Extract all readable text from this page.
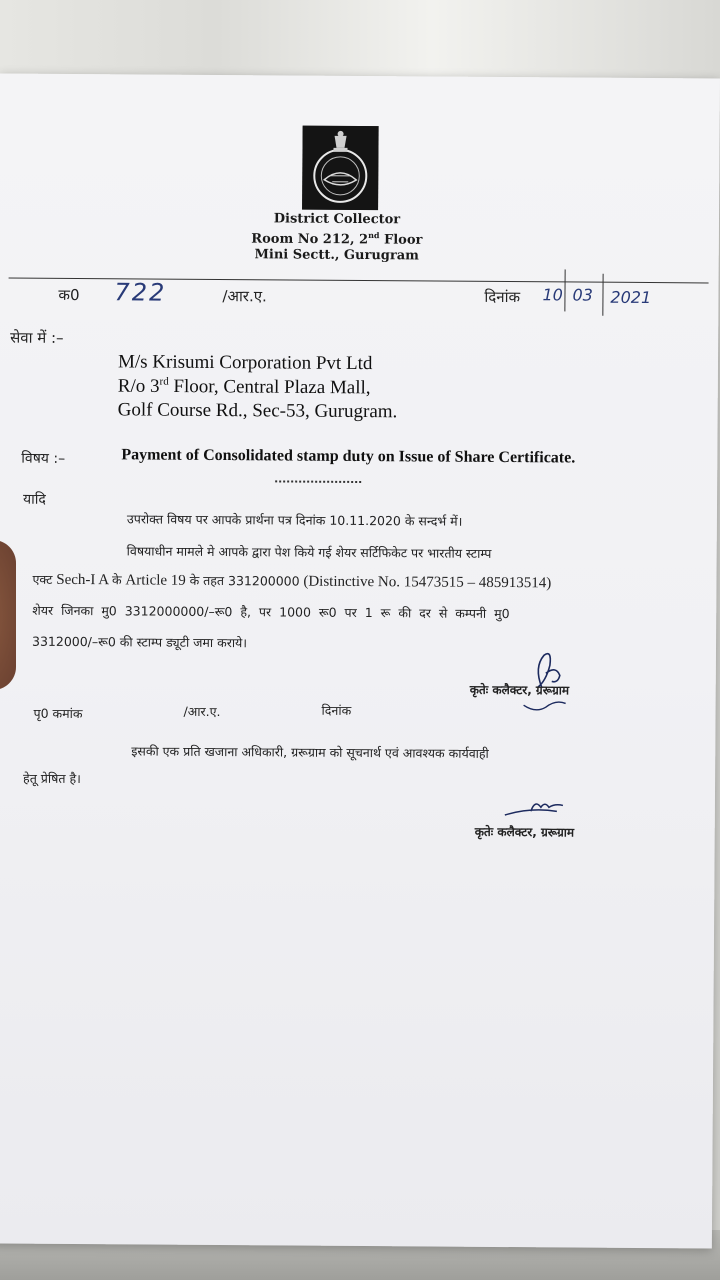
District Collector
Room No 212, 2nd Floor
Mini Sectt., Gurugram
क0 722	/आर.ए.	दिनांक 10 03 2021
सेवा में :–
M/s Krisumi Corporation Pvt Ltd
R/o 3rd Floor, Central Plaza Mall,
Golf Course Rd., Sec-53, Gurugram.
विषय :–	Payment of Consolidated stamp duty on Issue of Share Certificate.
यादि
उपरोक्त विषय पर आपके प्रार्थना पत्र दिनांक 10.11.2020 के सन्दर्भ में।
विषयाधीन मामले मे आपके द्वारा पेश किये गई शेयर सर्टिफिकेट पर भारतीय स्टाम्प
एक्ट Sech-I A के Article 19 के तहत 331200000 (Distinctive No. 15473515 – 485913514)
शेयर जिनका मु0 3312000000/–रू0 है, पर 1000 रू0 पर 1 रू की दर से कम्पनी मु0
3312000/–रू0 की स्टाम्प ड्यूटी जमा कराये।
कृतेः कलैक्टर, ग्ररूग्राम
पृ0 कमांक	/आर.ए.	दिनांक
इसकी एक प्रति खजाना अधिकारी, ग्ररूग्राम को सूचनार्थ एवं आवश्यक कार्यवाही
हेतू प्रेषित है।
कृतेः कलैक्टर, ग्ररूग्राम
